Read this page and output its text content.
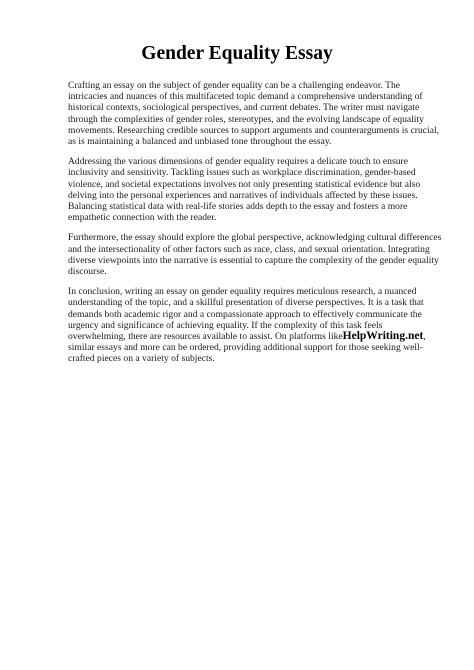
Gender Equality Essay

Crafting an essay on the subject of gender equality can be a challenging endeavor. The
intricacies and nuances of this multifaceted topic demand a comprehensive understanding of
historical contexts, sociological perspectives, and current debates. The writer must navigate
through the complexities of gender roles, stereotypes, and the evolving landscape of equality
movements. Researching credible sources to support arguments and counterarguments is crucial,
as is maintaining a balanced and unbiased tone throughout the essay.

Addressing the various dimensions of gender equality requires a delicate touch to ensure
inclusivity and sensitivity. Tackling issues such as workplace discrimination, gender-based
violence, and societal expectations involves not only presenting statistical evidence but also
delving into the personal experiences and narratives of individuals affected by these issues.
Balancing statistical data with real-life stories adds depth to the essay and fosters a more
empathetic connection with the reader.

Furthermore, the essay should explore the global perspective, acknowledging cultural differences
and the intersectionality of other factors such as race, class, and sexual orientation. Integrating
diverse viewpoints into the narrative is essential to capture the complexity of the gender equality
discourse.

In conclusion, writing an essay on gender equality requires meticulous research, a nuanced
understanding of the topic, and a skillful presentation of diverse perspectives. It is a task that
demands both academic rigor and a compassionate approach to effectively communicate the
urgency and significance of achieving equality. If the complexity of this task feels
overwhelming, there are resources available to assist. On platforms likeHelpWriting.net,
similar essays and more can be ordered, providing additional support for those seeking well-
crafted pieces on a variety of subjects.
